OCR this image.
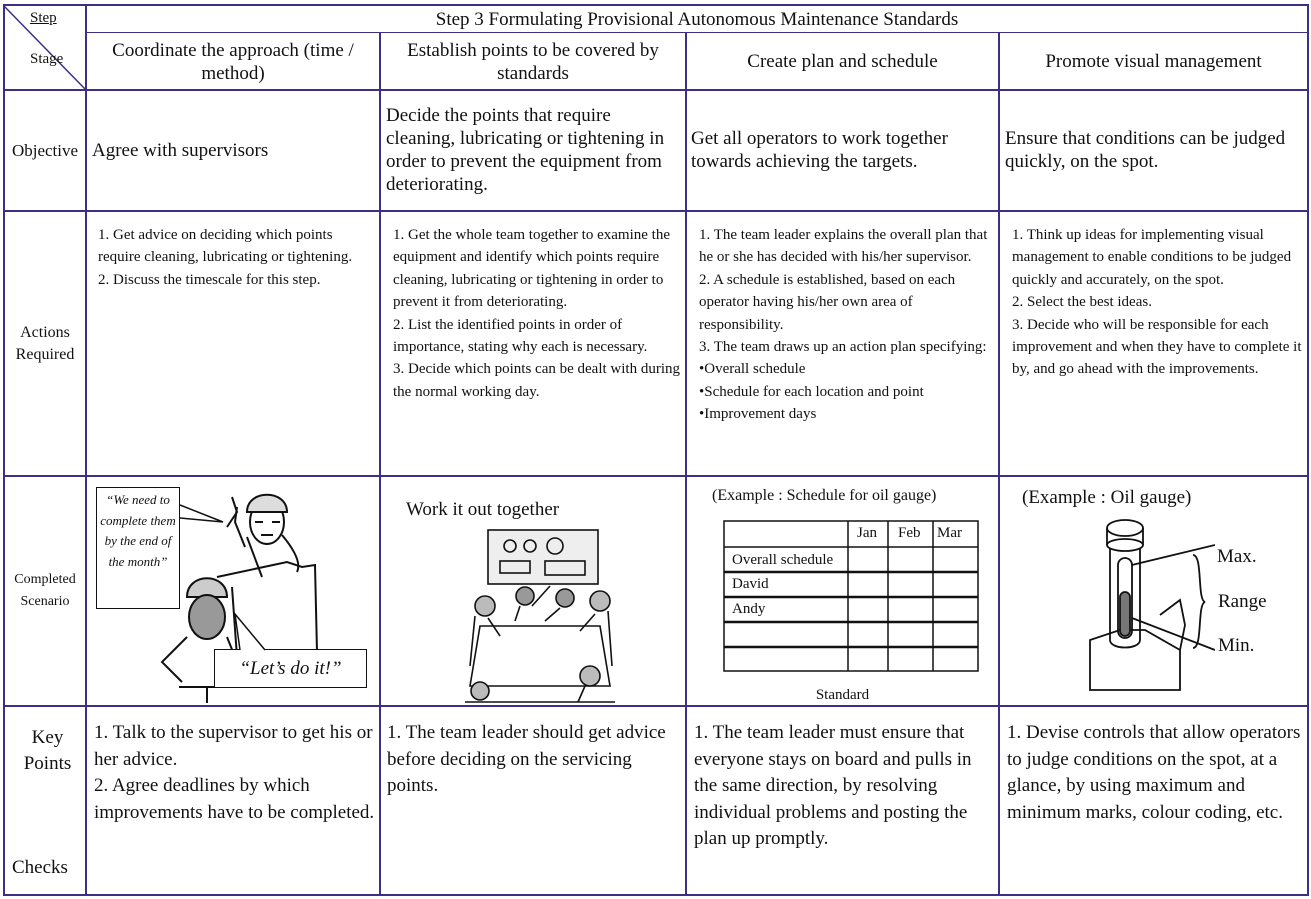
Step
Stage
Step 3 Formulating Provisional Autonomous Maintenance Standards
Coordinate the approach (time / method)
Establish points to be covered by standards
Create plan and schedule	Promote visual management
Objective
Actions Required
Completed Scenario
Key Points
Checks
Agree with supervisors
Decide the points that require cleaning, lubricating or tightening in order to prevent the equipment from deteriorating.
Get all operators to work together towards achieving the targets.
Ensure that conditions can be judged quickly, on the spot.
1. Get advice on deciding which points require cleaning, lubricating or tightening.
2. Discuss the timescale for this step.
1. Get the whole team together to examine the equipment and identify which points require cleaning, lubricating or tightening in order to prevent it from deteriorating.
2. List the identified points in order of importance, stating why each is necessary.
3. Decide which points can be dealt with during the normal working day.
1. The team leader explains the overall plan that he or she has decided with his/her supervisor.
2. A schedule is established, based on each operator having his/her own area of responsibility.
3. The team draws up an action plan specifying:
•Overall schedule
•Schedule for each location and point
•Improvement days
1. Think up ideas for implementing visual management to enable conditions to be judged quickly and accurately, on the spot.
2. Select the best ideas.
3. Decide who will be responsible for each improvement and when they have to complete it by, and go ahead with the improvements.
“We need to complete them by the end of the month”
“Let’s do it!”
Work it out together
(Example : Schedule for oil gauge)
Jan Feb Mar
Overall schedule
David
Andy
Standard
(Example : Oil gauge)
Max.
Range
Min.
1. Talk to the supervisor to get his or her advice.
2. Agree deadlines by which improvements have to be completed.
1. The team leader should get advice before deciding on the servicing points.
1. The team leader must ensure that everyone stays on board and pulls in the same direction, by resolving individual problems and posting the plan up promptly.
1. Devise controls that allow operators to judge conditions on the spot, at a glance, by using maximum and minimum marks, colour coding, etc.
